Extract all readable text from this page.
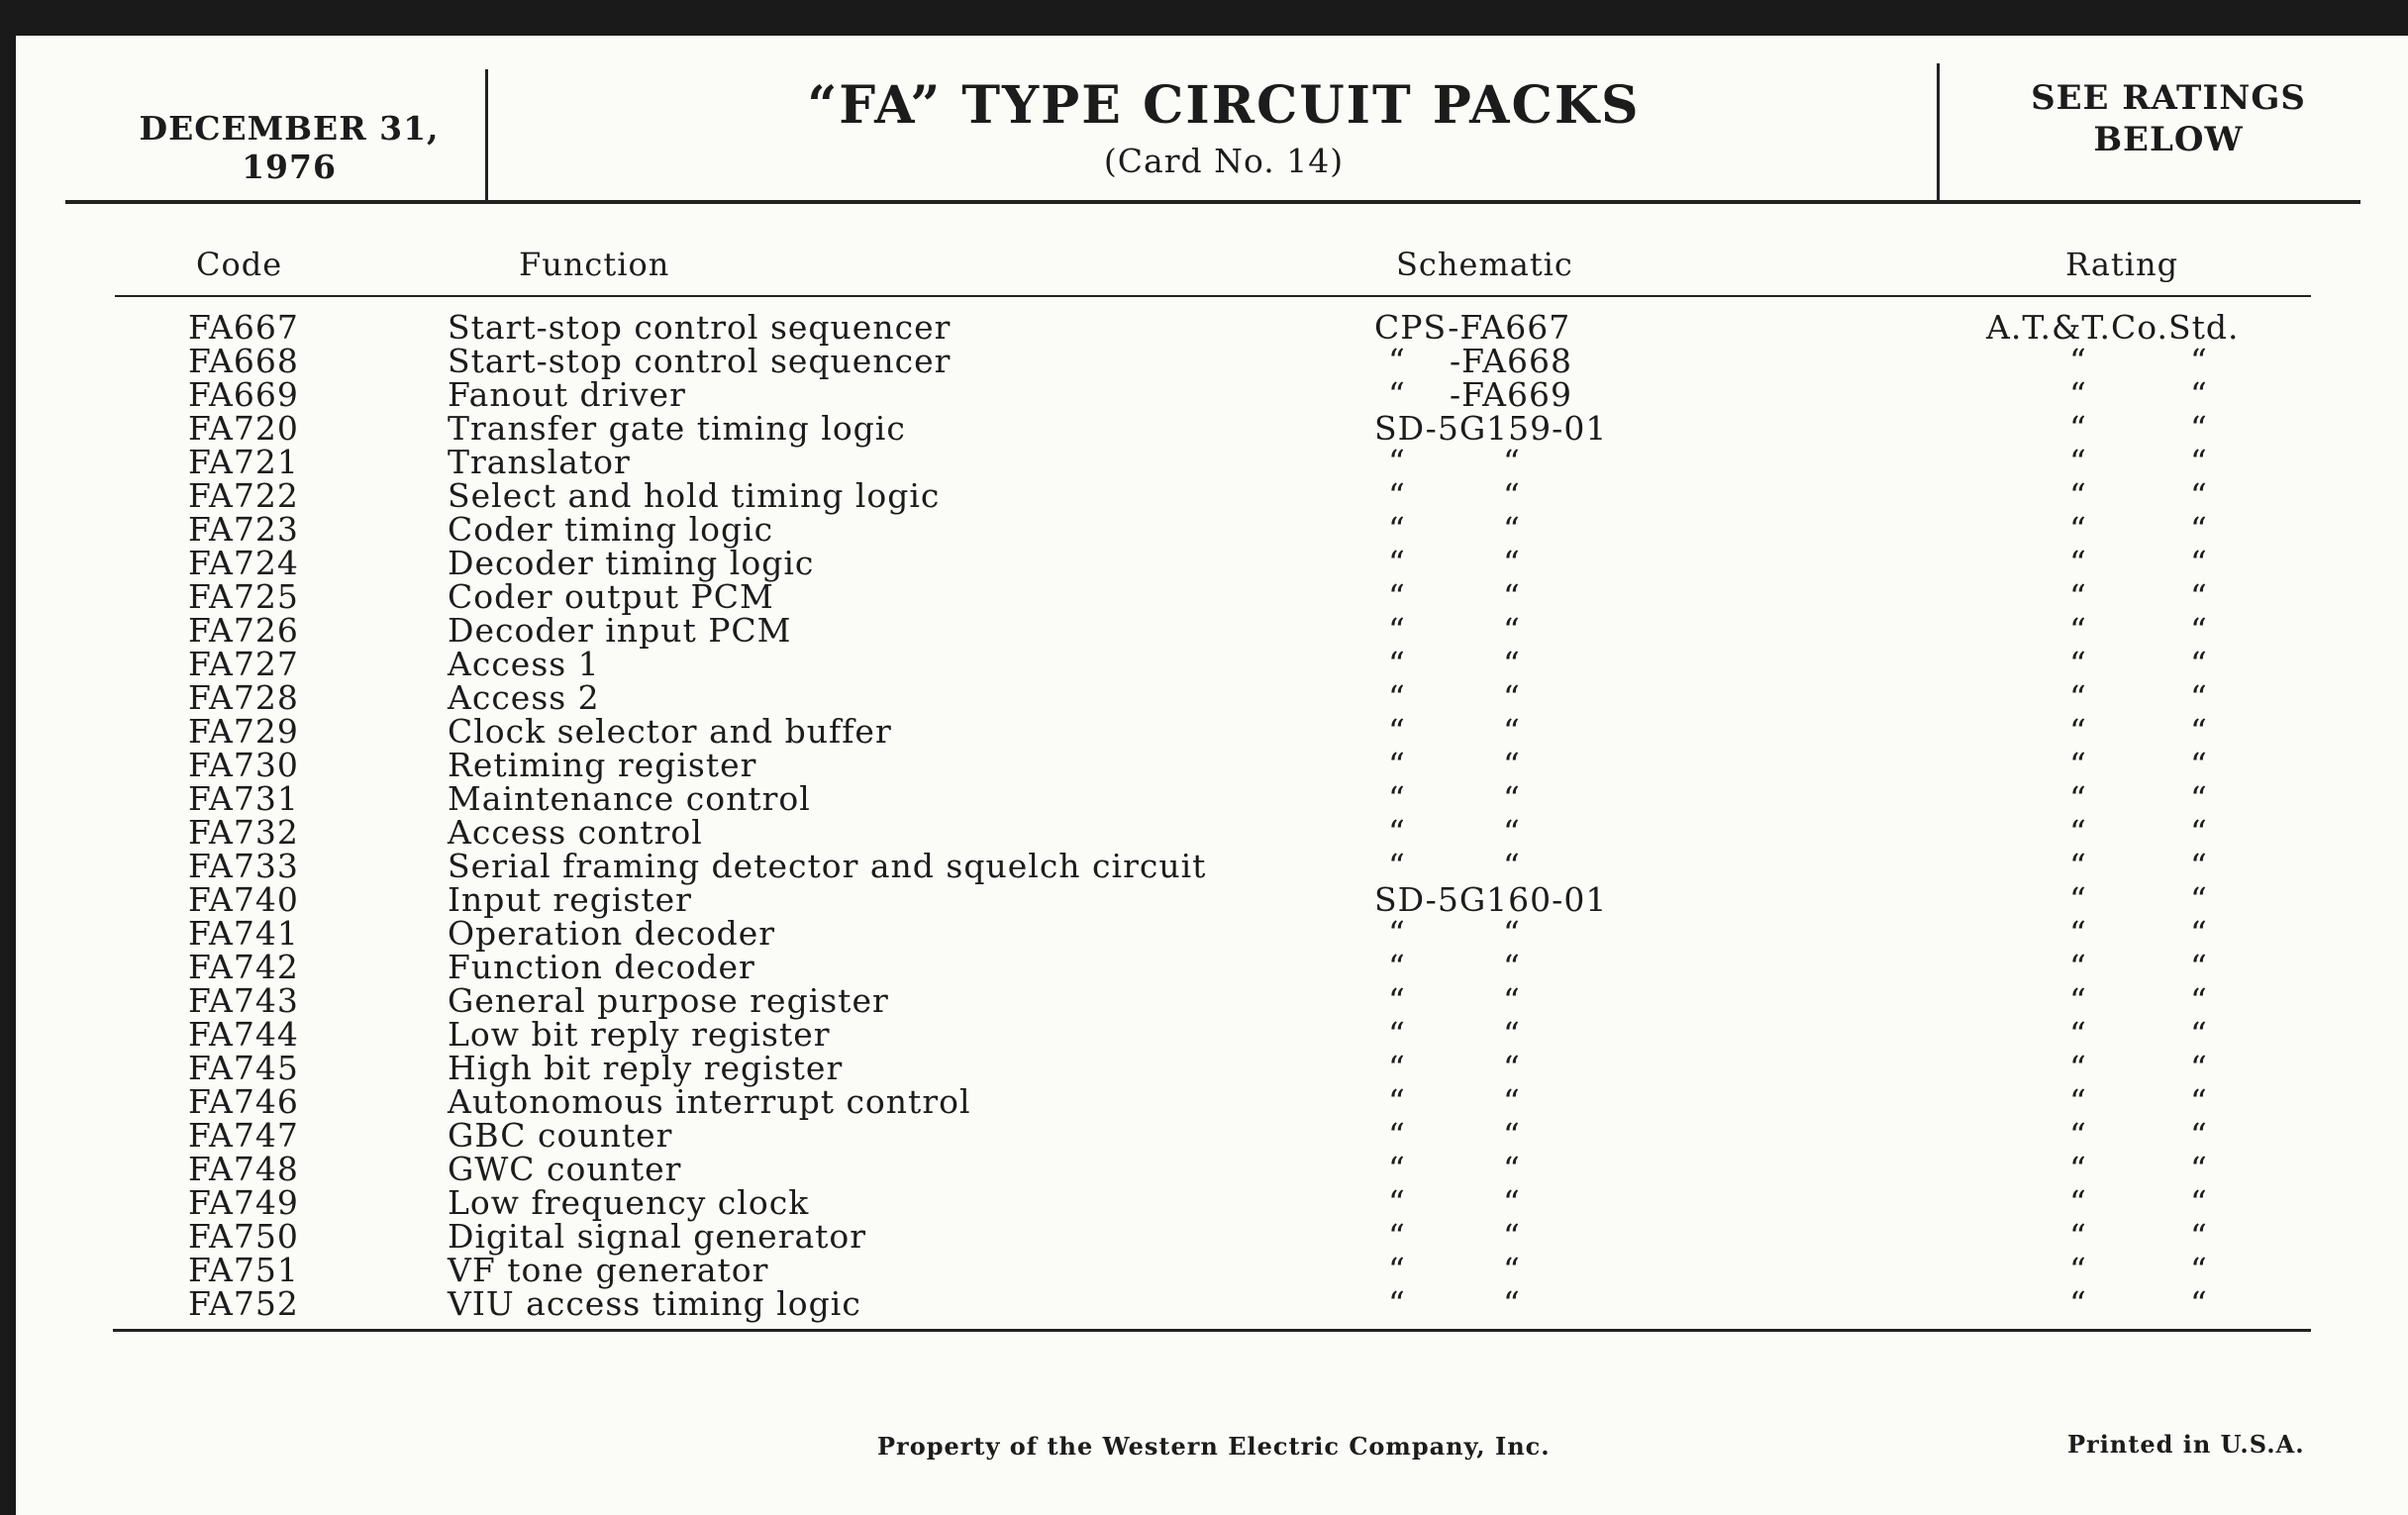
DECEMBER 31, 1976
“FA” TYPE CIRCUIT PACKS
(Card No. 14)
SEE RATINGS
BELOW
Code	Function	Schematic	Rating
FA667	Start-stop control sequencer	CPS-FA667	A.T.&T.Co.Std.
FA668	Start-stop control sequencer	“ -FA668	“	“
FA669	Fanout driver	“ -FA669	“	“
FA720	Transfer gate timing logic	SD-5G159-01	“	“
FA721	Translator	“	“	“	“
FA722	Select and hold timing logic	“	“	“	“
FA723	Coder timing logic	“	“	“	“
FA724	Decoder timing logic	“	“	“	“
FA725	Coder output PCM	“	“	“	“
FA726	Decoder input PCM	“	“	“	“
FA727	Access 1	“	“	“	“
FA728	Access 2	“	“	“	“
FA729	Clock selector and buffer	“	“	“	“
FA730	Retiming register	“	“	“	“
FA731	Maintenance control	“	“	“	“
FA732	Access control	“	“	“	“
FA733	Serial framing detector and squelch circuit	“	“	“	“
FA740	Input register	SD-5G160-01	“	“
FA741	Operation decoder	“	“	“	“
FA742	Function decoder	“	“	“	“
FA743	General purpose register	“	“	“	“
FA744	Low bit reply register	“	“	“	“
FA745	High bit reply register	“	“	“	“
FA746	Autonomous interrupt control	“	“	“	“
FA747	GBC counter	“	“	“	“
FA748	GWC counter	“	“	“	“
FA749	Low frequency clock	“	“	“	“
FA750	Digital signal generator	“	“	“	“
FA751	VF tone generator	“	“	“	“
FA752	VIU access timing logic	“	“	“	“
Property of the Western Electric Company, Inc.	Printed in U.S.A.
